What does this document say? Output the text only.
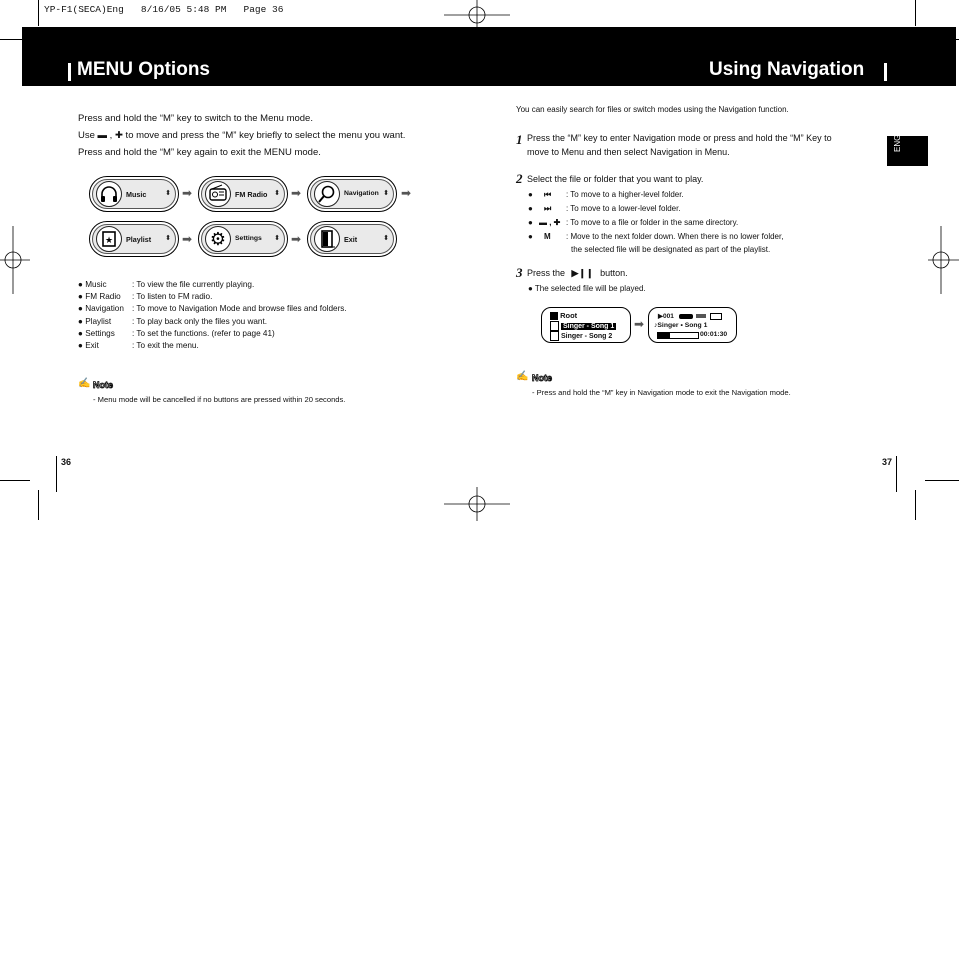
YP-F1(SECA)Eng   8/16/05 5:48 PM   Page 36
MENU Options	Using Navigation
Press and hold the “M” key to switch to the Menu mode.
Use ▬ , ✚ to move and press the “M” key briefly to select the menu you want.
Press and hold the “M” key again to exit the MENU mode.
Music	⬍ ➡	FM Radio ⬍ ➡	Navigation ⬍ ➡
★ Playlist ⬍ ➡ ⚙ Settings ⬍ ➡	Exit	⬍
● Music	: To view the file currently playing.
● FM Radio : To listen to FM radio.
● Navigation : To move to Navigation Mode and browse files and folders.
● Playlist	: To play back only the files you want.
● Settings : To set the functions. (refer to page 41)
● Exit	: To exit the menu.
✍ Note
- Menu mode will be cancelled if no buttons are pressed within 20 seconds.
36
ENG
You can easily search for files or switch modes using the Navigation function.
1 Press the “M” key to enter Navigation mode or press and hold the “M” Key to
move to Menu and then select Navigation in Menu.
2 Select the file or folder that you want to play.
● ⏮ : To move to a higher-level folder.
● ⏭ : To move to a lower-level folder.
● ▬ , ✚ : To move to a file or folder in the same directory.
● M : Move to the next folder down. When there is no lower folder,
the selected file will be designated as part of the playlist.
3 Press the ▶❙❙ button.
● The selected file will be played.
Root
Singer - Song 1
Singer - Song 2
➡
▶001
♪Singer • Song 1
00:01:30
✍ Note
- Press and hold the “M” key in Navigation mode to exit the Navigation mode.
37
